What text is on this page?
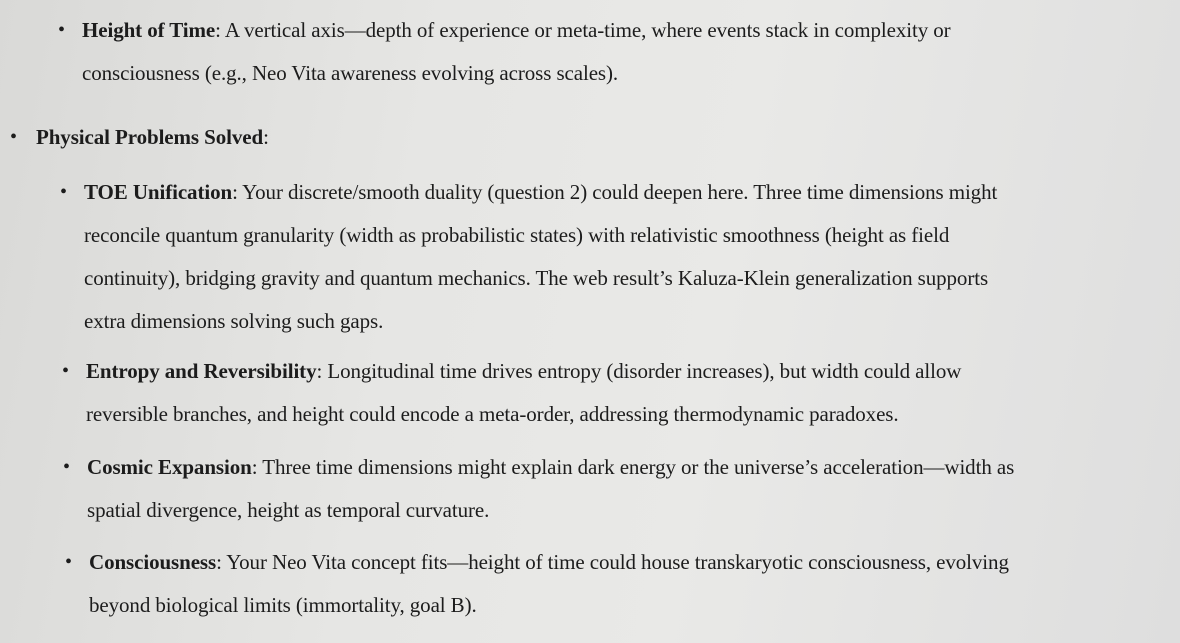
• Height of Time: A vertical axis—depth of experience or meta-time, where events stack in complexity or
consciousness (e.g., Neo Vita awareness evolving across scales).
• Physical Problems Solved:
• TOE Unification: Your discrete/smooth duality (question 2) could deepen here. Three time dimensions might
reconcile quantum granularity (width as probabilistic states) with relativistic smoothness (height as field
continuity), bridging gravity and quantum mechanics. The web result’s Kaluza-Klein generalization supports
extra dimensions solving such gaps.
• Entropy and Reversibility: Longitudinal time drives entropy (disorder increases), but width could allow
reversible branches, and height could encode a meta-order, addressing thermodynamic paradoxes.
• Cosmic Expansion: Three time dimensions might explain dark energy or the universe’s acceleration—width as
spatial divergence, height as temporal curvature.
• Consciousness: Your Neo Vita concept fits—height of time could house transkaryotic consciousness, evolving
beyond biological limits (immortality, goal B).
